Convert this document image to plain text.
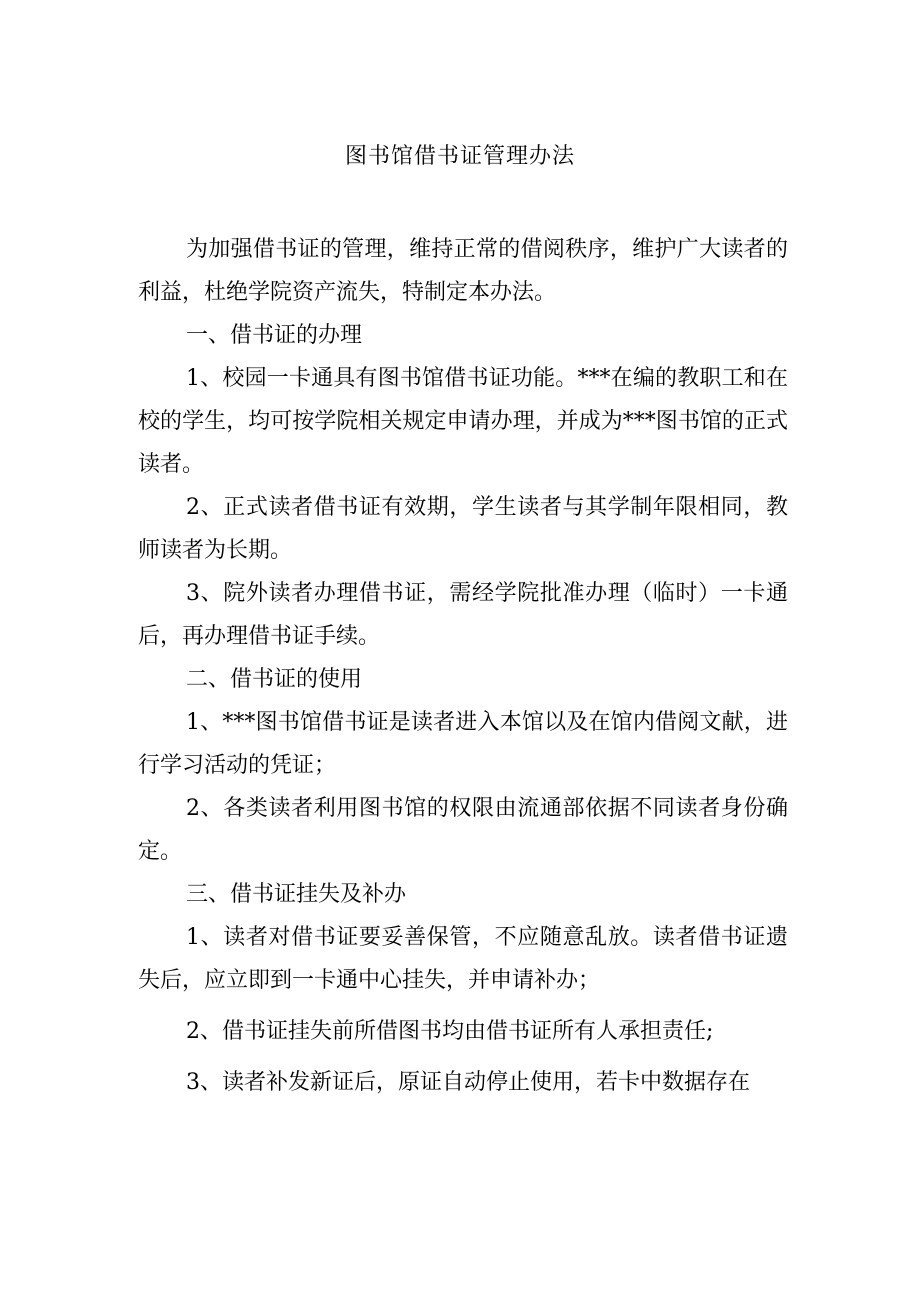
图书馆借书证管理办法

为加强借书证的管理，维持正常的借阅秩序，维护广大读者的利益，杜绝学院资产流失，特制定本办法。

一、借书证的办理

1、校园一卡通具有图书馆借书证功能。***在编的教职工和在校的学生，均可按学院相关规定申请办理，并成为***图书馆的正式读者。

2、正式读者借书证有效期，学生读者与其学制年限相同，教师读者为长期。

3、院外读者办理借书证，需经学院批准办理（临时）一卡通后，再办理借书证手续。

二、借书证的使用

1、***图书馆借书证是读者进入本馆以及在馆内借阅文献，进行学习活动的凭证；

2、各类读者利用图书馆的权限由流通部依据不同读者身份确定。

三、借书证挂失及补办

1、读者对借书证要妥善保管，不应随意乱放。读者借书证遗失后，应立即到一卡通中心挂失，并申请补办；

2、借书证挂失前所借图书均由借书证所有人承担责任;

3、读者补发新证后，原证自动停止使用，若卡中数据存在
